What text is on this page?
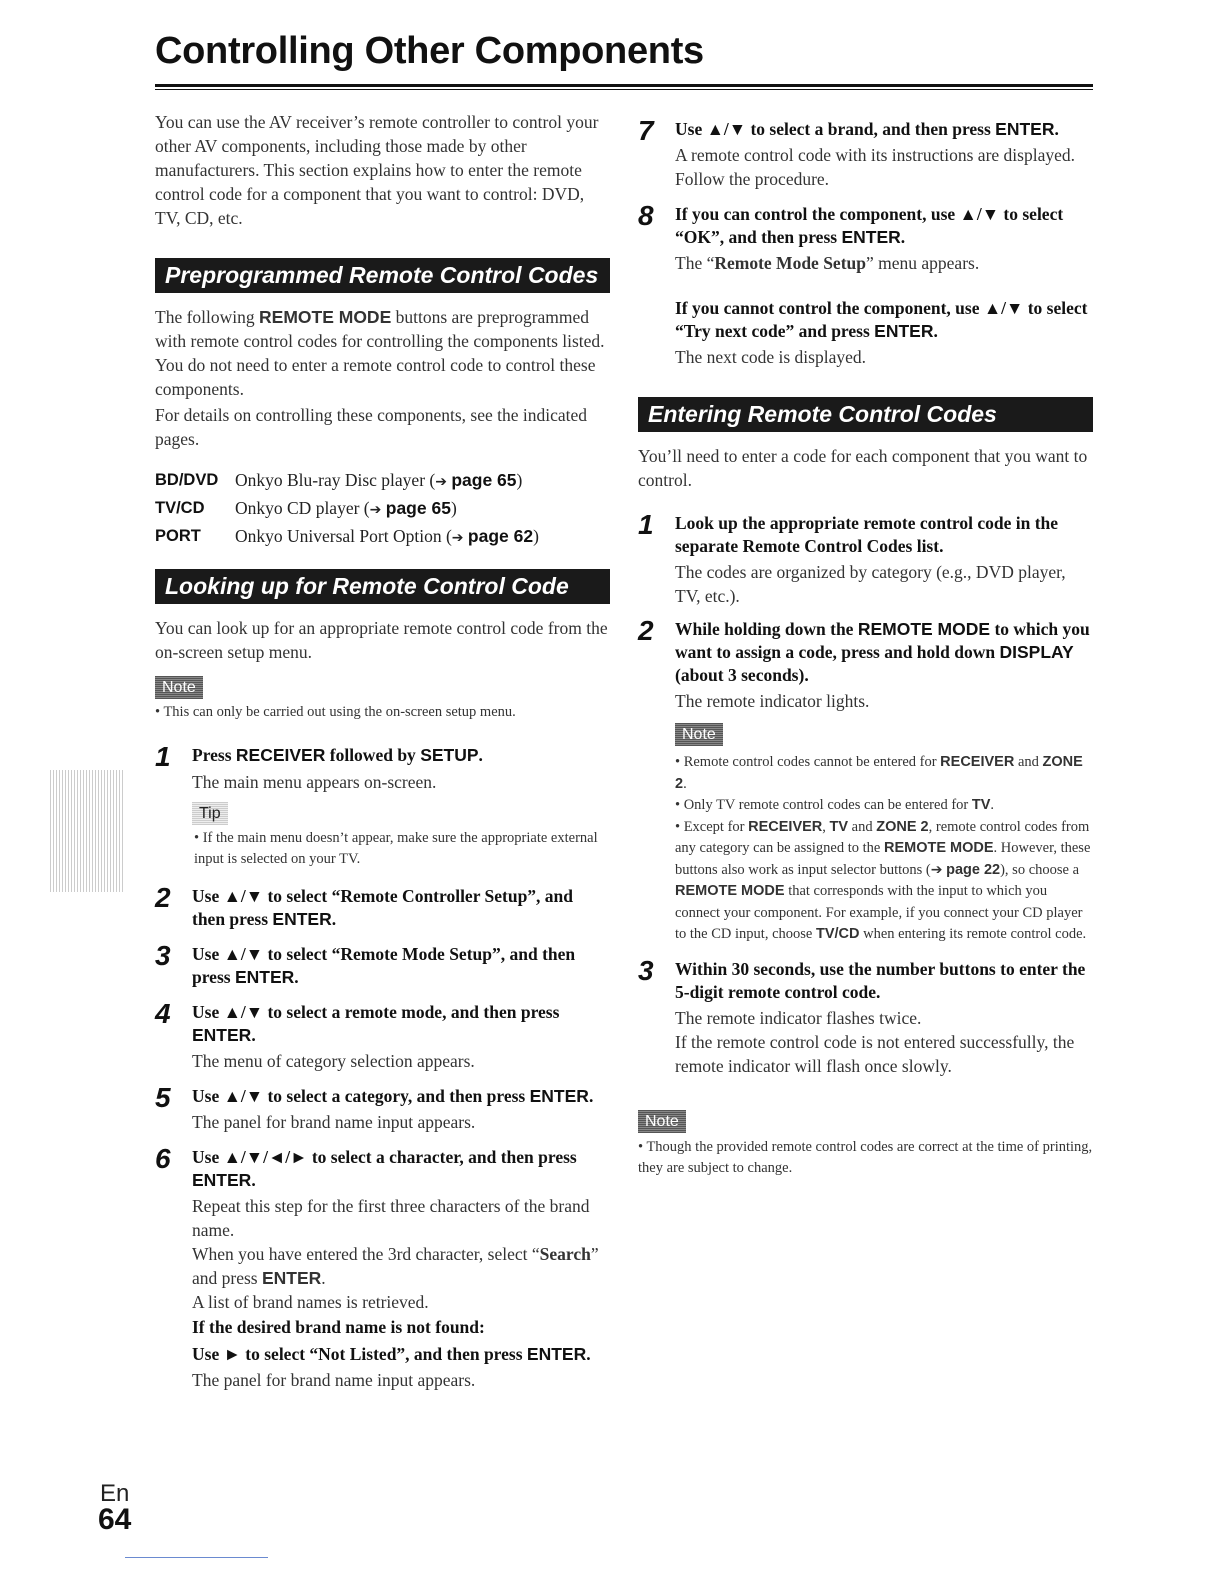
Controlling Other Components

You can use the AV receiver’s remote controller to control your other AV components, including those made by other manufacturers. This section explains how to enter the remote control code for a component that you want to control: DVD, TV, CD, etc.

Preprogrammed Remote Control Codes

The following REMOTE MODE buttons are preprogrammed with remote control codes for controlling the components listed. You do not need to enter a remote control code to control these components.

For details on controlling these components, see the indicated pages.

BD/DVD Onkyo Blu-ray Disc player (➔ page 65)
TV/CD	Onkyo CD player (➔ page 65)
PORT	Onkyo Universal Port Option (➔ page 62)
Looking up for Remote Control Code

You can look up for an appropriate remote control code from the on-screen setup menu.

Note

• This can only be carried out using the on-screen setup menu.

1 Press RECEIVER followed by SETUP.

The main menu appears on-screen.

Tip

• If the main menu doesn’t appear, make sure the appropriate external input is selected on your TV.

2 Use ▲/▼ to select “Remote Controller Setup”, and then press ENTER.

3 Use ▲/▼ to select “Remote Mode Setup”, and then press ENTER.

4 Use ▲/▼ to select a remote mode, and then press ENTER.

The menu of category selection appears.

5 Use ▲/▼ to select a category, and then press ENTER.

The panel for brand name input appears.

6 Use ▲/▼/◄/► to select a character, and then press ENTER.

Repeat this step for the first three characters of the brand name.

When you have entered the 3rd character, select “Search” and press ENTER.

A list of brand names is retrieved.

If the desired brand name is not found:

Use ► to select “Not Listed”, and then press ENTER.

The panel for brand name input appears.

7 Use ▲/▼ to select a brand, and then press ENTER.

A remote control code with its instructions are displayed. Follow the procedure.

8 If you can control the component, use ▲/▼ to select “OK”, and then press ENTER.

The “Remote Mode Setup” menu appears.

If you cannot control the component, use ▲/▼ to select “Try next code” and press ENTER.

The next code is displayed.

Entering Remote Control Codes

You’ll need to enter a code for each component that you want to control.

1 Look up the appropriate remote control code in the separate Remote Control Codes list.

The codes are organized by category (e.g., DVD player, TV, etc.).

2 While holding down the REMOTE MODE to which you want to assign a code, press and hold down DISPLAY (about 3 seconds).

The remote indicator lights.

Note

• Remote control codes cannot be entered for RECEIVER and ZONE 2.

• Only TV remote control codes can be entered for TV.

• Except for RECEIVER, TV and ZONE 2, remote control codes from any category can be assigned to the REMOTE MODE. However, these buttons also work as input selector buttons (➔ page 22), so choose a REMOTE MODE that corresponds with the input to which you connect your component. For example, if you connect your CD player to the CD input, choose TV/CD when entering its remote control code.

3 Within 30 seconds, use the number buttons to enter the 5-digit remote control code.

The remote indicator flashes twice.

If the remote control code is not entered successfully, the remote indicator will flash once slowly.

Note

• Though the provided remote control codes are correct at the time of printing, they are subject to change.

En
64
